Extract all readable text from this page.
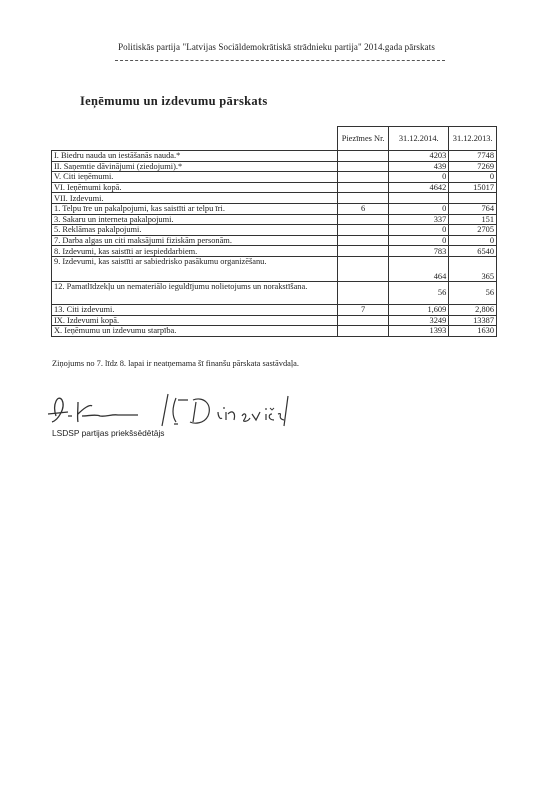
Politiskās partija "Latvijas Sociāldemokrātiskā strādnieku partija" 2014.gada pārskats
Ieņēmumu un izdevumu pārskats
	Piezīmes Nr.	31.12.2014.	31.12.2013.
I. Biedru nauda un iestāšanās nauda.*		4203	7748
II. Saņemtie dāvinājumi (ziedojumi).*		439	7269
V. Citi ieņēmumi.		0	0
VI. Ieņēmumi kopā.		4642	15017
VII. Izdevumi.			
1. Telpu īre un pakalpojumi, kas saistīti ar telpu īri.	6	0	764
3. Sakaru un interneta pakalpojumi.		337	151
5. Reklāmas pakalpojumi.		0	2705
7. Darba algas un citi maksājumi fiziskām personām.		0	0
8. Izdevumi, kas saistīti ar iespieddarbiem.		783	6540
9. Izdevumi, kas saistīti ar sabiedrisko pasākumu organizēšanu.		464	365
12. Pamatlīdzekļu un nemateriālo ieguldījumu nolietojums un norakstīšana.		56	56
13. Citi izdevumi.	7	1,609	2,806
IX. Izdevumi kopā.		3249	13387
X. Ieņēmumu un izdevumu starpība.		1393	1630
Ziņojums no 7. līdz 8. lapai ir neatņemama šī finanšu pārskata sastāvdaļa.
LSDSP partijas priekšsēdētājs
